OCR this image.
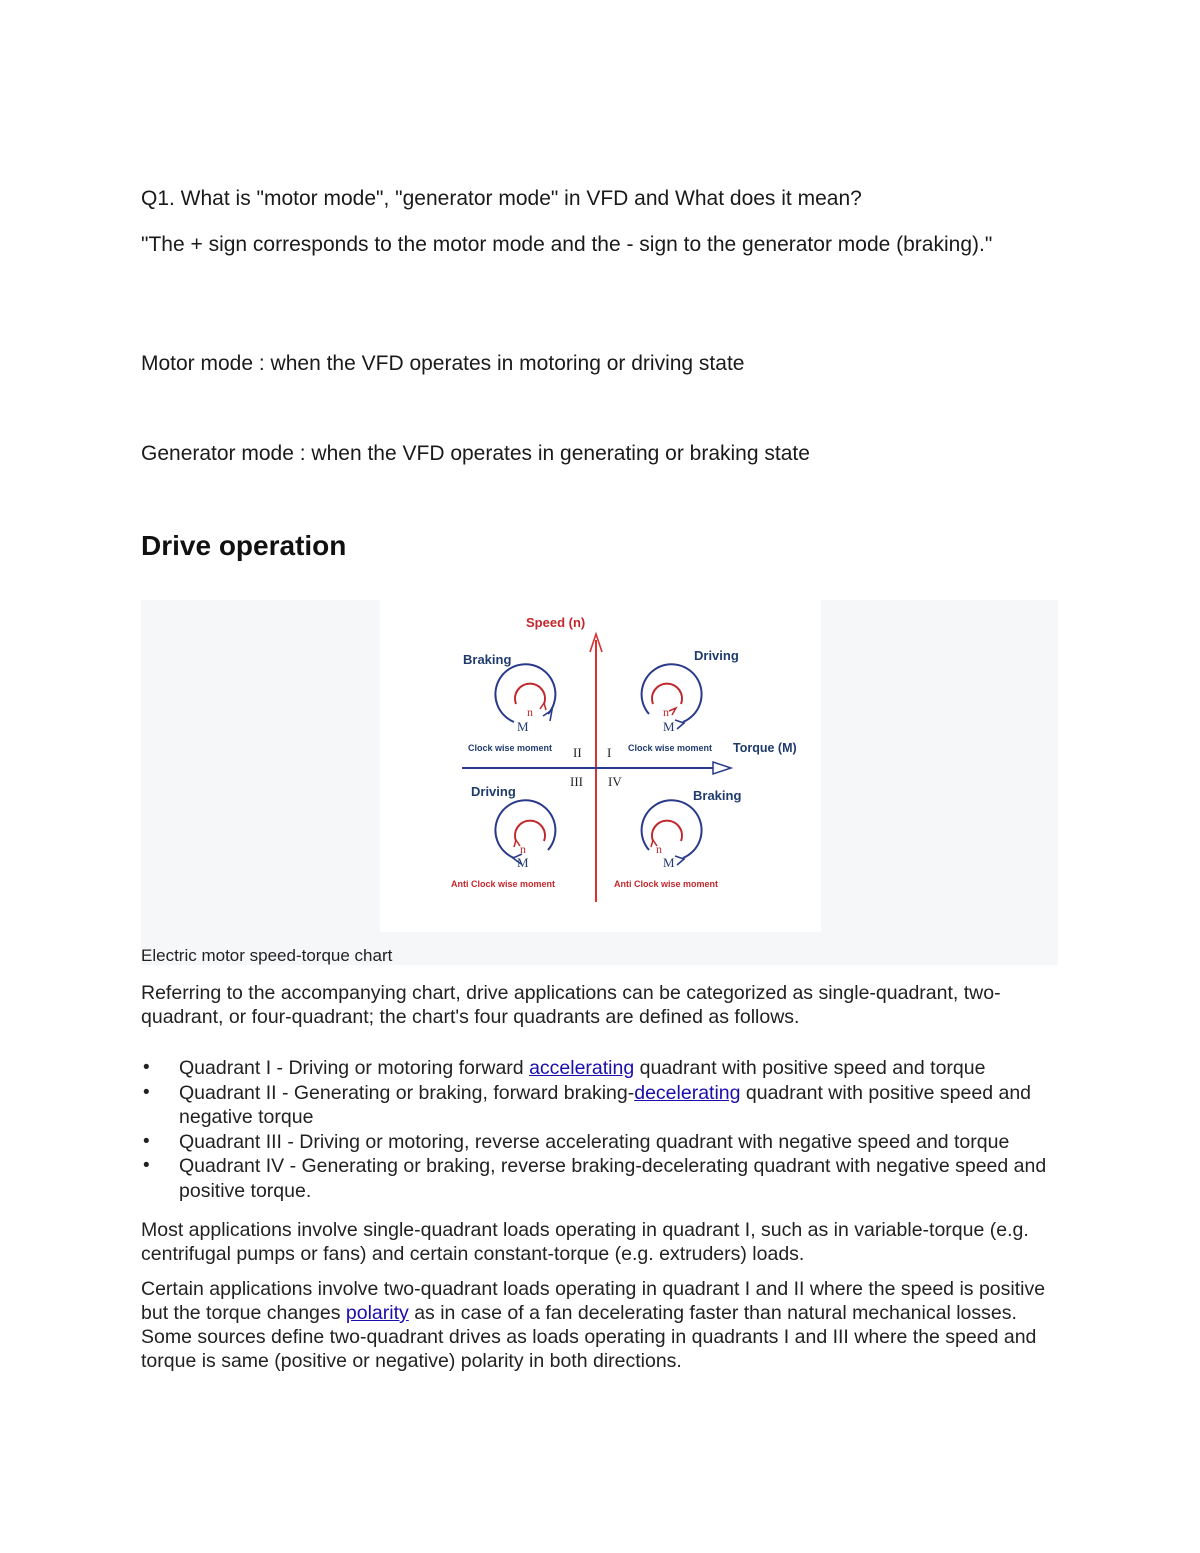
Q1. What is "motor mode", "generator mode" in VFD and What does it mean?

"The + sign corresponds to the motor mode and the - sign to the generator mode (braking)."

Motor mode : when the VFD operates in motoring or driving state

Generator mode : when the VFD operates in generating or braking state

Drive operation
Speed (n)
Torque (M)
I
II
III IV
Driving
Braking
Driving	Braking
Clock wise moment
Clock wise moment
Anti Clock wise moment	Anti Clock wise moment
n
M
n
M
n
M
n
M
Electric motor speed-torque chart

Referring to the accompanying chart, drive applications can be categorized as single-quadrant, two-quadrant, or four-quadrant; the chart's four quadrants are defined as follows.

• Quadrant I - Driving or motoring forward accelerating quadrant with positive speed and torque
• Quadrant II - Generating or braking, forward braking-decelerating quadrant with positive speed and negative torque
• Quadrant III - Driving or motoring, reverse accelerating quadrant with negative speed and torque
• Quadrant IV - Generating or braking, reverse braking-decelerating quadrant with negative speed and positive torque.

Most applications involve single-quadrant loads operating in quadrant I, such as in variable-torque (e.g. centrifugal pumps or fans) and certain constant-torque (e.g. extruders) loads.

Certain applications involve two-quadrant loads operating in quadrant I and II where the speed is positive but the torque changes polarity as in case of a fan decelerating faster than natural mechanical losses. Some sources define two-quadrant drives as loads operating in quadrants I and III where the speed and torque is same (positive or negative) polarity in both directions.
